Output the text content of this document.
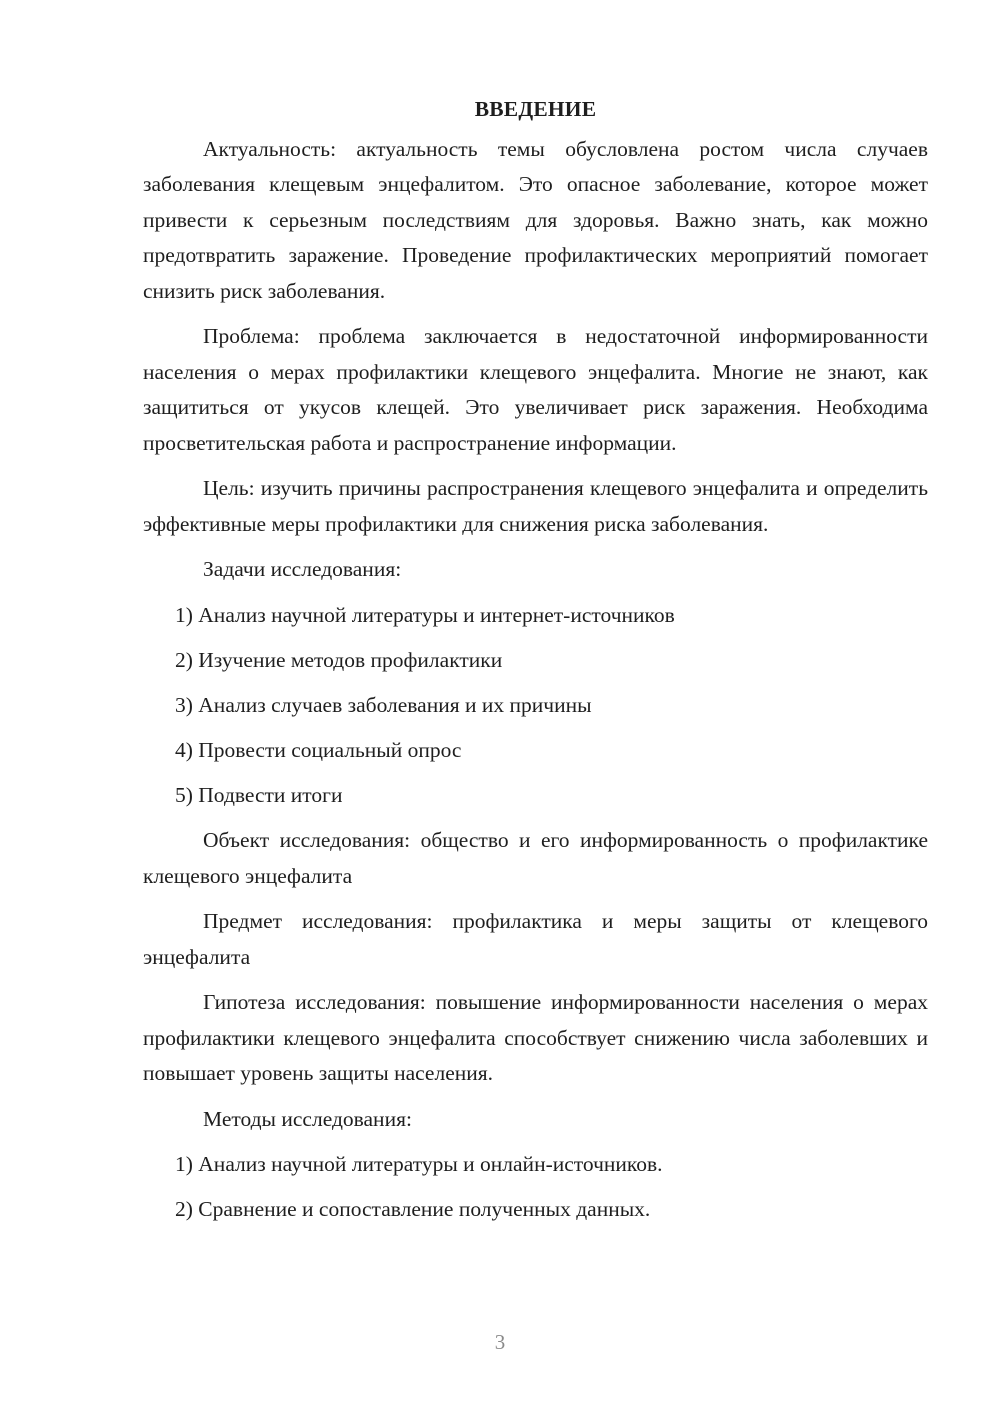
ВВЕДЕНИЕ

Актуальность: актуальность темы обусловлена ростом числа случаев заболевания клещевым энцефалитом. Это опасное заболевание, которое может привести к серьезным последствиям для здоровья. Важно знать, как можно предотвратить заражение. Проведение профилактических мероприятий помогает снизить риск заболевания.

Проблема: проблема заключается в недостаточной информированности населения о мерах профилактики клещевого энцефалита. Многие не знают, как защититься от укусов клещей. Это увеличивает риск заражения. Необходима просветительская работа и распространение информации.

Цель: изучить причины распространения клещевого энцефалита и определить эффективные меры профилактики для снижения риска заболевания.

Задачи исследования:

1) Анализ научной литературы и интернет-источников
2) Изучение методов профилактики
3) Анализ случаев заболевания и их причины
4) Провести социальный опрос
5) Подвести итоги

Объект исследования: общество и его информированность о профилактике клещевого энцефалита

Предмет исследования: профилактика и меры защиты от клещевого энцефалита

Гипотеза исследования: повышение информированности населения о мерах профилактики клещевого энцефалита способствует снижению числа заболевших и повышает уровень защиты населения.

Методы исследования:

1) Анализ научной литературы и онлайн-источников.
2) Сравнение и сопоставление полученных данных.
3
